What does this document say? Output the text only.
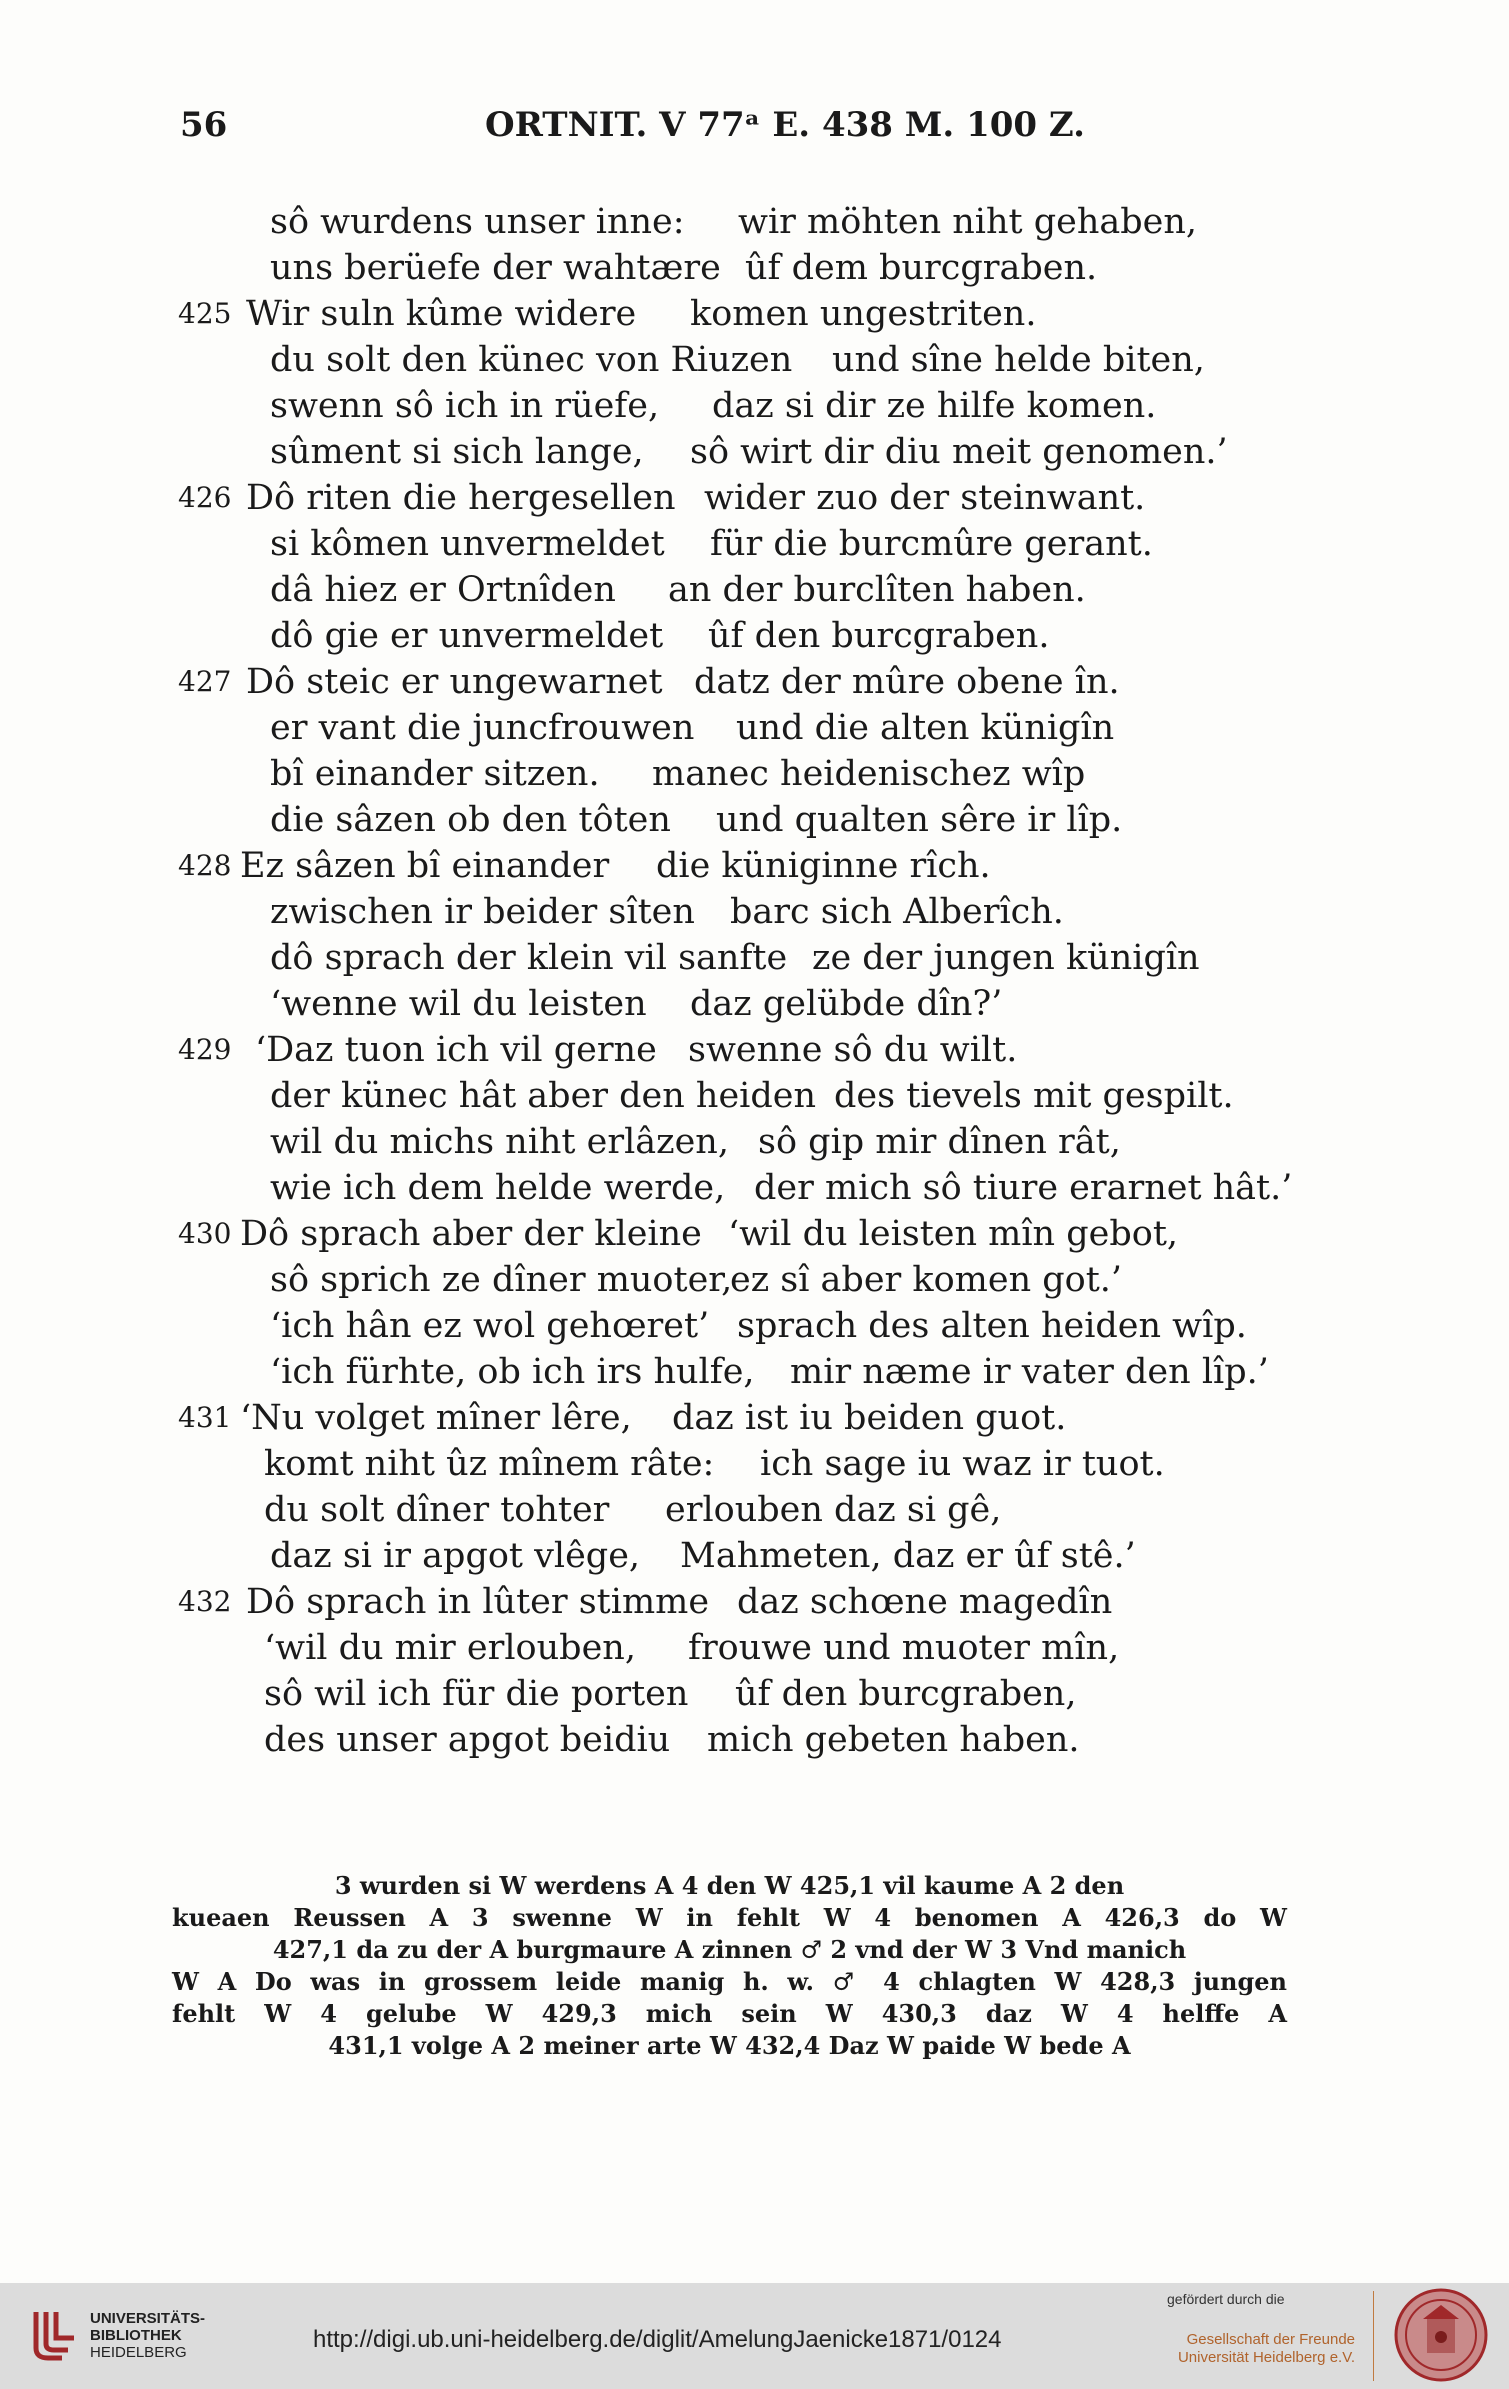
56	ORTNIT. V 77ᵃ E. 438 M. 100 Z.
sô wurdens unser inne: wir möhten niht gehaben,
uns berüefe der wahtære ûf dem burcgraben.
425 Wir suln kûme widere komen ungestriten.
du solt den künec von Riuzen und sîne helde biten,
swenn sô ich in rüefe, daz si dir ze hilfe komen.
sûment si sich lange, sô wirt dir diu meit genomen.’
426 Dô riten die hergesellen wider zuo der steinwant.
si kômen unvermeldet für die burcmûre gerant.
dâ hiez er Ortnîden an der burclîten haben.
dô gie er unvermeldet ûf den burcgraben.
427 Dô steic er ungewarnet datz der mûre obene în.
er vant die juncfrouwen und die alten künigîn
bî einander sitzen. manec heidenischez wîp
die sâzen ob den tôten und qualten sêre ir lîp.
428 Ez sâzen bî einander die küniginne rîch.
zwischen ir beider sîten barc sich Alberîch.
dô sprach der klein vil sanfte ze der jungen künigîn
‘wenne wil du leisten daz gelübde dîn?’
429 ‘Daz tuon ich vil gerne swenne sô du wilt.
der künec hât aber den heiden des tievels mit gespilt.
wil du michs niht erlâzen, sô gip mir dînen rât,
wie ich dem helde werde, der mich sô tiure erarnet hât.’
430 Dô sprach aber der kleine ‘wil du leisten mîn gebot,
sô sprich ze dîner muoter,
ez sî aber komen got.’
‘ich hân ez wol gehœret’ sprach des alten heiden wîp.
‘ich fürhte, ob ich irs hulfe, mir næme ir vater den lîp.’
431 ‘Nu volget mîner lêre, daz ist iu beiden guot.
komt niht ûz mînem râte: ich sage iu waz ir tuot.
du solt dîner tohter erlouben daz si gê,
daz si ir apgot vlêge, Mahmeten, daz er ûf stê.’
432 Dô sprach in lûter stimme daz schœne magedîn
‘wil du mir erlouben, frouwe und muoter mîn,
sô wil ich für die porten ûf den burcgraben,
des unser apgot beidiu mich gebeten haben.
3 wurden si W werdens A 4 den W 425,1 vil kaume A 2 den
kueaen Reussen A 3 swenne W in fehlt W 4 benomen A 426,3 do W
427,1 da zu der A burgmaure A zinnen ♂ 2 vnd der W 3 Vnd manich
W A Do was in grossem leide manig h. w. ♂ 4 chlagten W 428,3 jungen
fehlt W 4 gelube W 429,3 mich sein W 430,3 daz W 4 helffe A
431,1 volge A 2 meiner arte W 432,4 Daz W paide W bede A
UNIVERSITÄTS-
BIBLIOTHEK
HEIDELBERG	http://digi.ub.uni-heidelberg.de/diglit/AmelungJaenicke1871/0124
gefördert durch die
Gesellschaft der Freunde
Universität Heidelberg e.V.
